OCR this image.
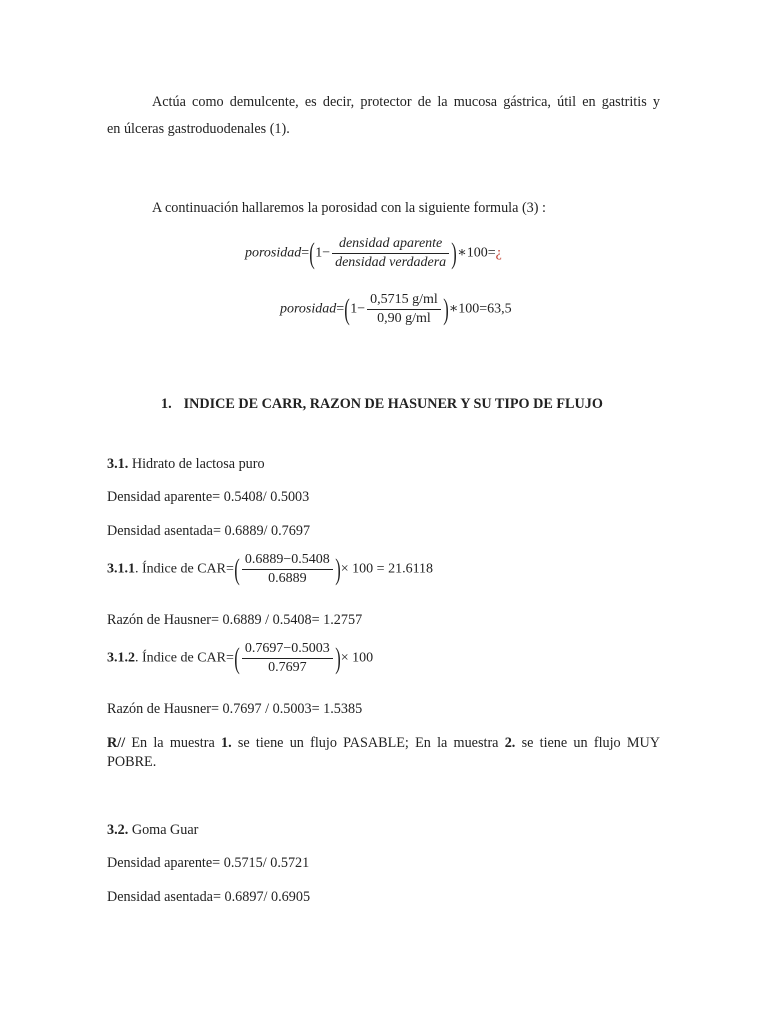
Actúa como demulcente, es decir, protector de la mucosa gástrica, útil en gastritis y

en úlceras gastroduodenales (1).

A continuación hallaremos la porosidad con la siguiente formula (3) :
porosidad=(1− $\frac{\text{densidad aparente}}{\text{densidad verdadera}}$ )∗100=¿
porosidad=(1− $\frac{0,5715 g/ml}{0,90 g/ml}$ )∗100=63,5
1. INDICE DE CARR, RAZON DE HASUNER Y SU TIPO DE FLUJO
3.1. Hidrato de lactosa puro
Densidad aparente= 0.5408/ 0.5003
Densidad asentada= 0.6889/ 0.7697
3.1.1. Índice de $CAR=( \frac{0.6889-0.5408}{0.6889}$ )× 100 = 21.6118
Razón de Hausner= 0.6889 / 0.5408= 1.2757
3.1.2. Índice de $CAR=( \frac{0.7697-0.5003}{0.7697}$ )× 100
Razón de Hausner= 0.7697 / 0.5003= 1.5385

R// En la muestra 1. se tiene un flujo PASABLE; En la muestra 2. se tiene un flujo MUY

POBRE.

3.2. Goma Guar
Densidad aparente= 0.5715/ 0.5721
Densidad asentada= 0.6897/ 0.6905
